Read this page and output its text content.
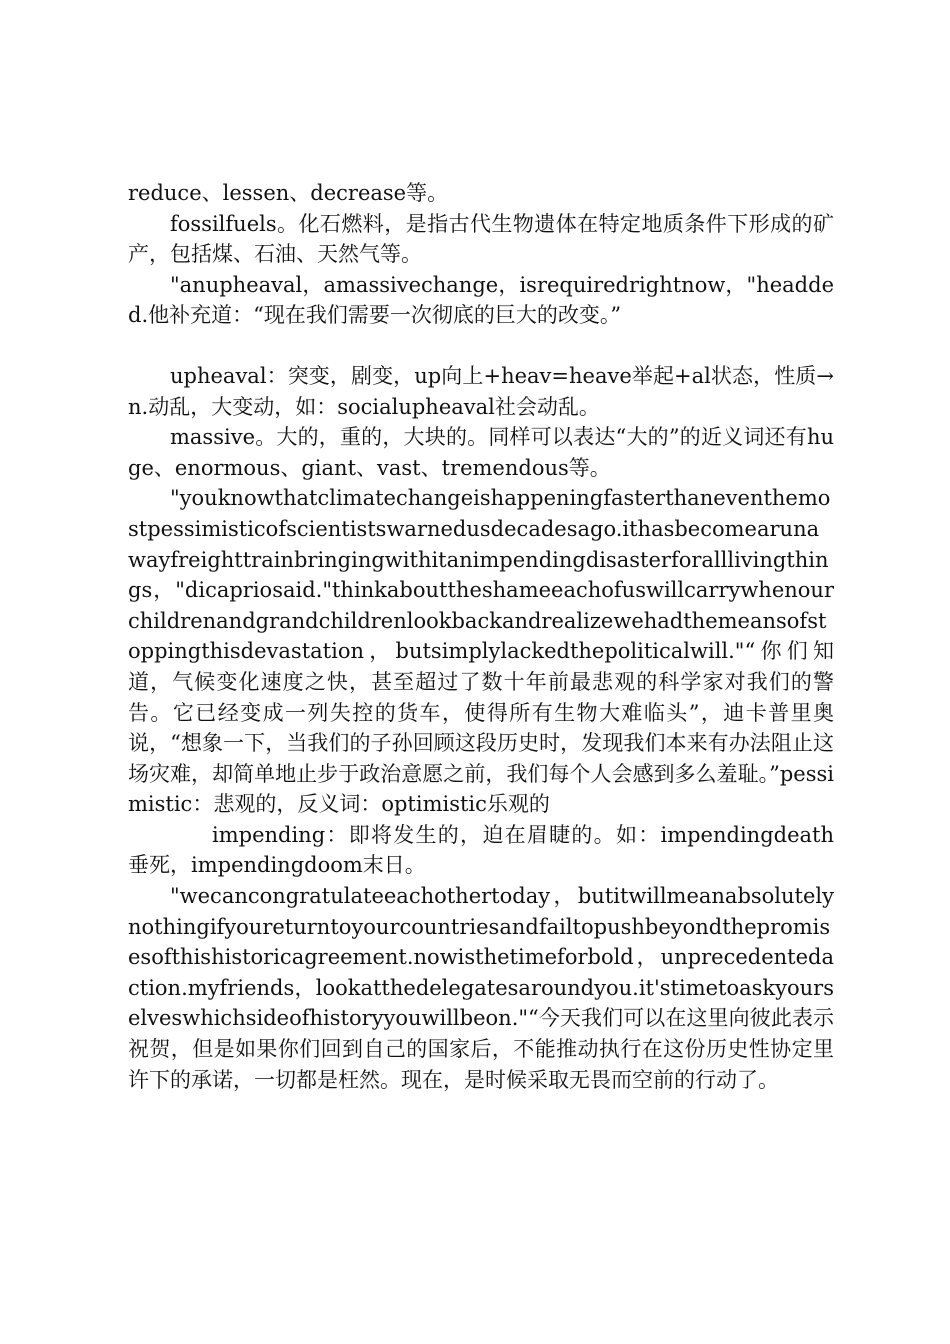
reduce、lessen、decrease等。

fossilfuels。化石燃料，是指古代生物遗体在特定地质条件下形成的矿产，包括煤、石油、天然气等。

"anupheaval，amassivechange，isrequiredrightnow，"headded.他补充道：“现在我们需要一次彻底的巨大的改变。”

upheaval：突变，剧变，up向上+heav=heave举起+al状态，性质→n.动乱，大变动，如：socialupheaval社会动乱。

massive。大的，重的，大块的。同样可以表达“大的”的近义词还有huge、enormous、giant、vast、tremendous等。

"youknowthatclimatechangeishappeningfasterthaneventhemostpessimisticofscientistswarnedusdecadesago.ithasbecomearunawayfreighttrainbringingwithitanimpendingdisasterforalllivingthings，"dicapriosaid."thinkabouttheshameeachofuswillcarrywhenourchildrenandgrandchildrenlookbackandrealizewehadthemeansofstoppingthisdevastation，butsimplylackedthepoliticalwill."“你们知道，气候变化速度之快，甚至超过了数十年前最悲观的科学家对我们的警告。它已经变成一列失控的货车，使得所有生物大难临头”，迪卡普里奥说，“想象一下，当我们的子孙回顾这段历史时，发现我们本来有办法阻止这场灾难，却简单地止步于政治意愿之前，我们每个人会感到多么羞耻。”pessimistic：悲观的，反义词：optimistic乐观的

impending：即将发生的，迫在眉睫的。如：impendingdeath垂死，impendingdoom末日。

"wecancongratulateeachothertoday，butitwillmeanabsolutelynothingifyoureturntoyourcountriesandfailtopushbeyondthepromisesofthishistoricagreement.nowisthetimeforbold，unprecedentedaction.myfriends，lookatthedelegatesaroundyou.it'stimetoaskyourselveswhichsideofhistoryyouwillbeon."“今天我们可以在这里向彼此表示祝贺，但是如果你们回到自己的国家后，不能推动执行在这份历史性协定里许下的承诺，一切都是枉然。现在，是时候采取无畏而空前的行动了。
